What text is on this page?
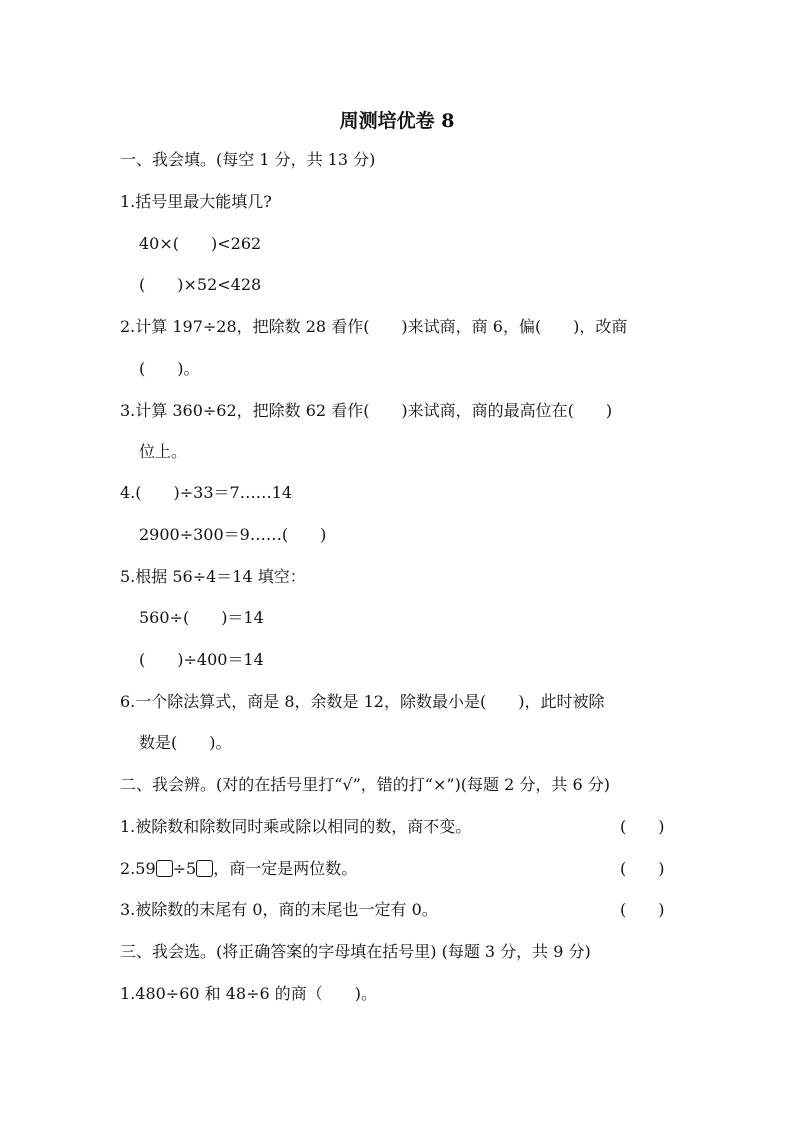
周测培优卷 8
一、我会填。(每空 1 分，共 13 分)
1.括号里最大能填几?
40×(　　)<262
(　　)×52<428
2.计算 197÷28，把除数 28 看作(　　)来试商，商 6，偏(　　)，改商
(　　)。
3.计算 360÷62，把除数 62 看作(　　)来试商，商的最高位在(　　)
位上。
4.(　　)÷33＝7……14
2900÷300＝9……(　　)
5.根据 56÷4＝14 填空：
560÷(　　)＝14
(　　)÷400＝14
6.一个除法算式，商是 8，余数是 12，除数最小是(　　)，此时被除
数是(　　)。
二、我会辨。(对的在括号里打“√”，错的打“×”)(每题 2 分，共 6 分)
1.被除数和除数同时乘或除以相同的数，商不变。	(　　)
2.59 ÷5 ，商一定是两位数。	(　　)
3.被除数的末尾有 0，商的末尾也一定有 0。	(　　)
三、我会选。(将正确答案的字母填在括号里) (每题 3 分，共 9 分)
1.480÷60 和 48÷6 的商（　　)。
